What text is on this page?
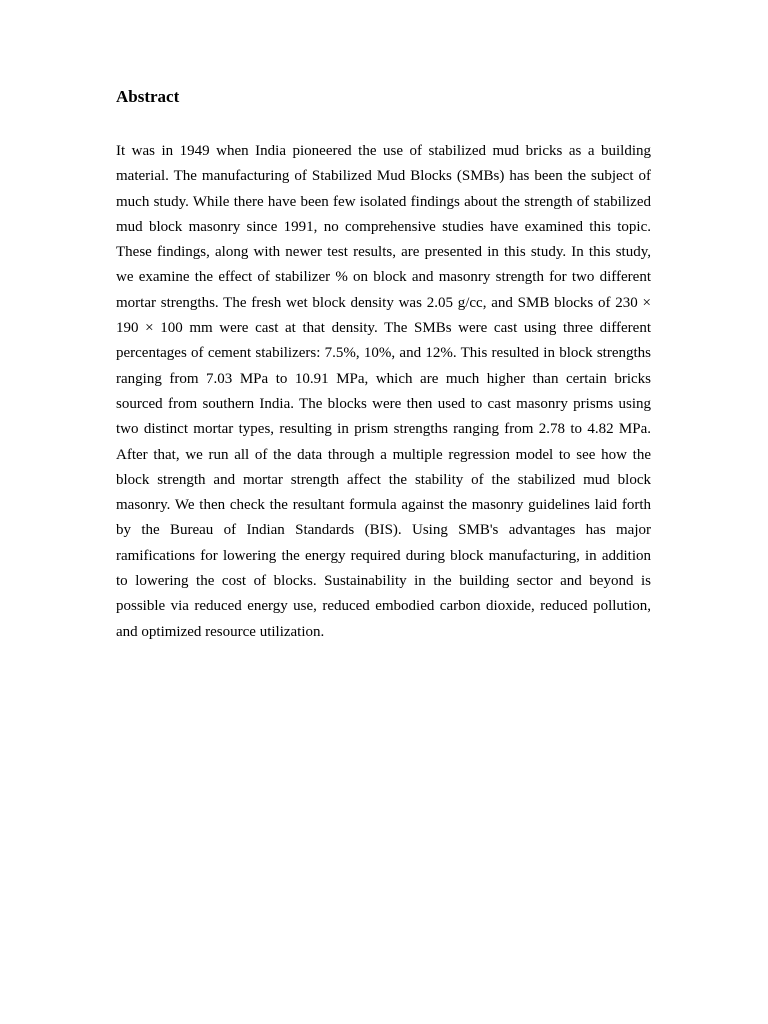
Abstract

It was in 1949 when India pioneered the use of stabilized mud bricks as a building material. The manufacturing of Stabilized Mud Blocks (SMBs) has been the subject of much study. While there have been few isolated findings about the strength of stabilized mud block masonry since 1991, no comprehensive studies have examined this topic. These findings, along with newer test results, are presented in this study. In this study, we examine the effect of stabilizer % on block and masonry strength for two different mortar strengths. The fresh wet block density was 2.05 g/cc, and SMB blocks of 230 × 190 × 100 mm were cast at that density. The SMBs were cast using three different percentages of cement stabilizers: 7.5%, 10%, and 12%. This resulted in block strengths ranging from 7.03 MPa to 10.91 MPa, which are much higher than certain bricks sourced from southern India. The blocks were then used to cast masonry prisms using two distinct mortar types, resulting in prism strengths ranging from 2.78 to 4.82 MPa. After that, we run all of the data through a multiple regression model to see how the block strength and mortar strength affect the stability of the stabilized mud block masonry. We then check the resultant formula against the masonry guidelines laid forth by the Bureau of Indian Standards (BIS). Using SMB's advantages has major ramifications for lowering the energy required during block manufacturing, in addition to lowering the cost of blocks. Sustainability in the building sector and beyond is possible via reduced energy use, reduced embodied carbon dioxide, reduced pollution, and optimized resource utilization.
